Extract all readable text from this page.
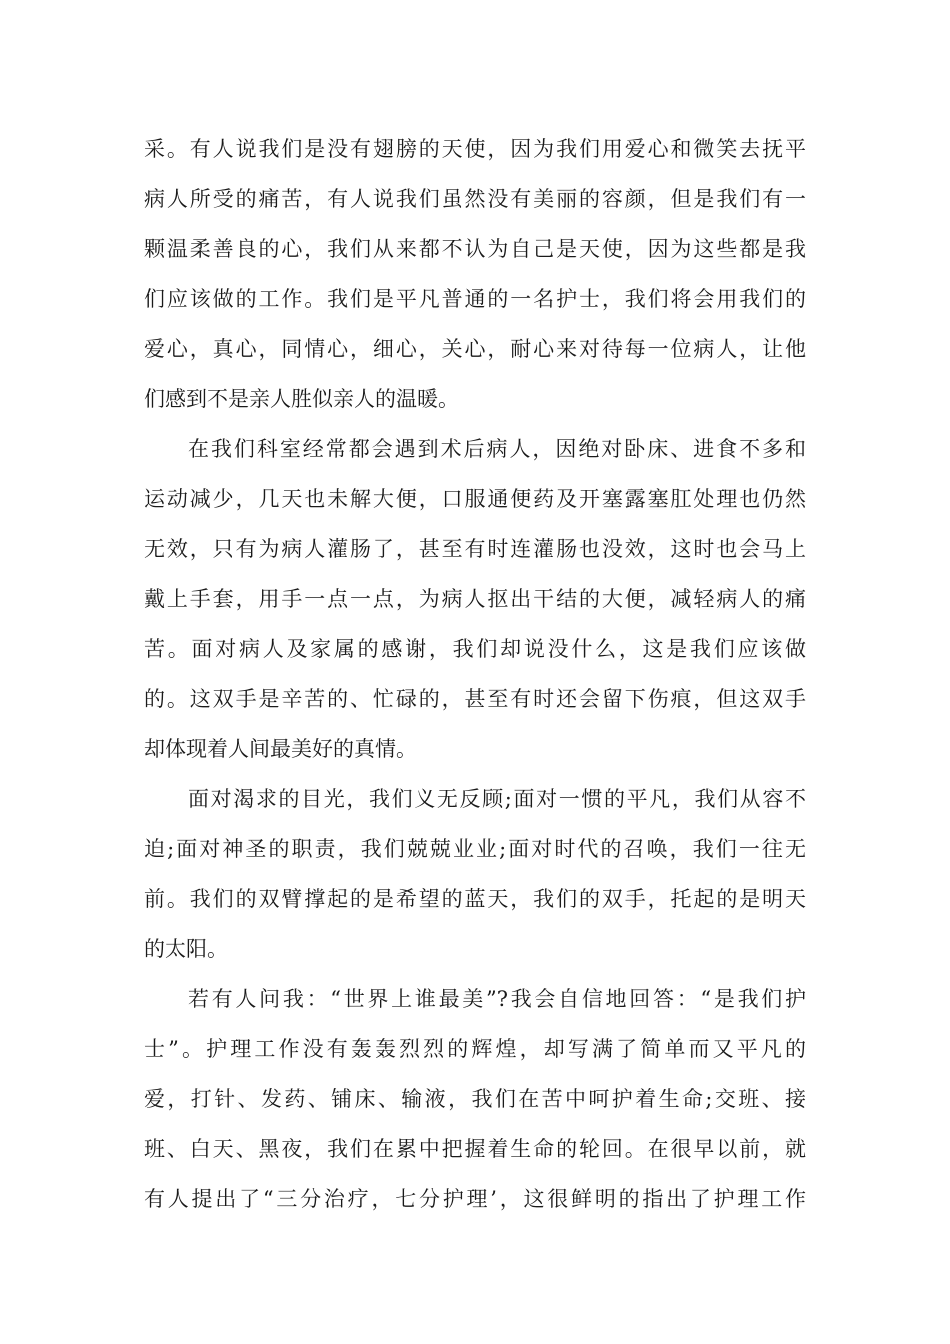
采。有人说我们是没有翅膀的天使，因为我们用爱心和微笑去抚平
病人所受的痛苦，有人说我们虽然没有美丽的容颜，但是我们有一
颗温柔善良的心，我们从来都不认为自己是天使，因为这些都是我
们应该做的工作。我们是平凡普通的一名护士，我们将会用我们的
爱心，真心，同情心，细心，关心，耐心来对待每一位病人，让他
们感到不是亲人胜似亲人的温暖。
在我们科室经常都会遇到术后病人，因绝对卧床、进食不多和
运动减少，几天也未解大便，口服通便药及开塞露塞肛处理也仍然
无效，只有为病人灌肠了，甚至有时连灌肠也没效，这时也会马上
戴上手套，用手一点一点，为病人抠出干结的大便，减轻病人的痛
苦。面对病人及家属的感谢，我们却说没什么，这是我们应该做
的。这双手是辛苦的、忙碌的，甚至有时还会留下伤痕，但这双手
却体现着人间最美好的真情。
面对渴求的目光，我们义无反顾;面对一惯的平凡，我们从容不
迫;面对神圣的职责，我们兢兢业业;面对时代的召唤，我们一往无
前。我们的双臂撑起的是希望的蓝天，我们的双手，托起的是明天
的太阳。
若有人问我：“世界上谁最美”?我会自信地回答：“是我们护
士”。护理工作没有轰轰烈烈的辉煌，却写满了简单而又平凡的
爱，打针、发药、铺床、输液，我们在苦中呵护着生命;交班、接
班、白天、黑夜，我们在累中把握着生命的轮回。在很早以前，就
有人提出了“三分治疗，七分护理’，这很鲜明的指出了护理工作
